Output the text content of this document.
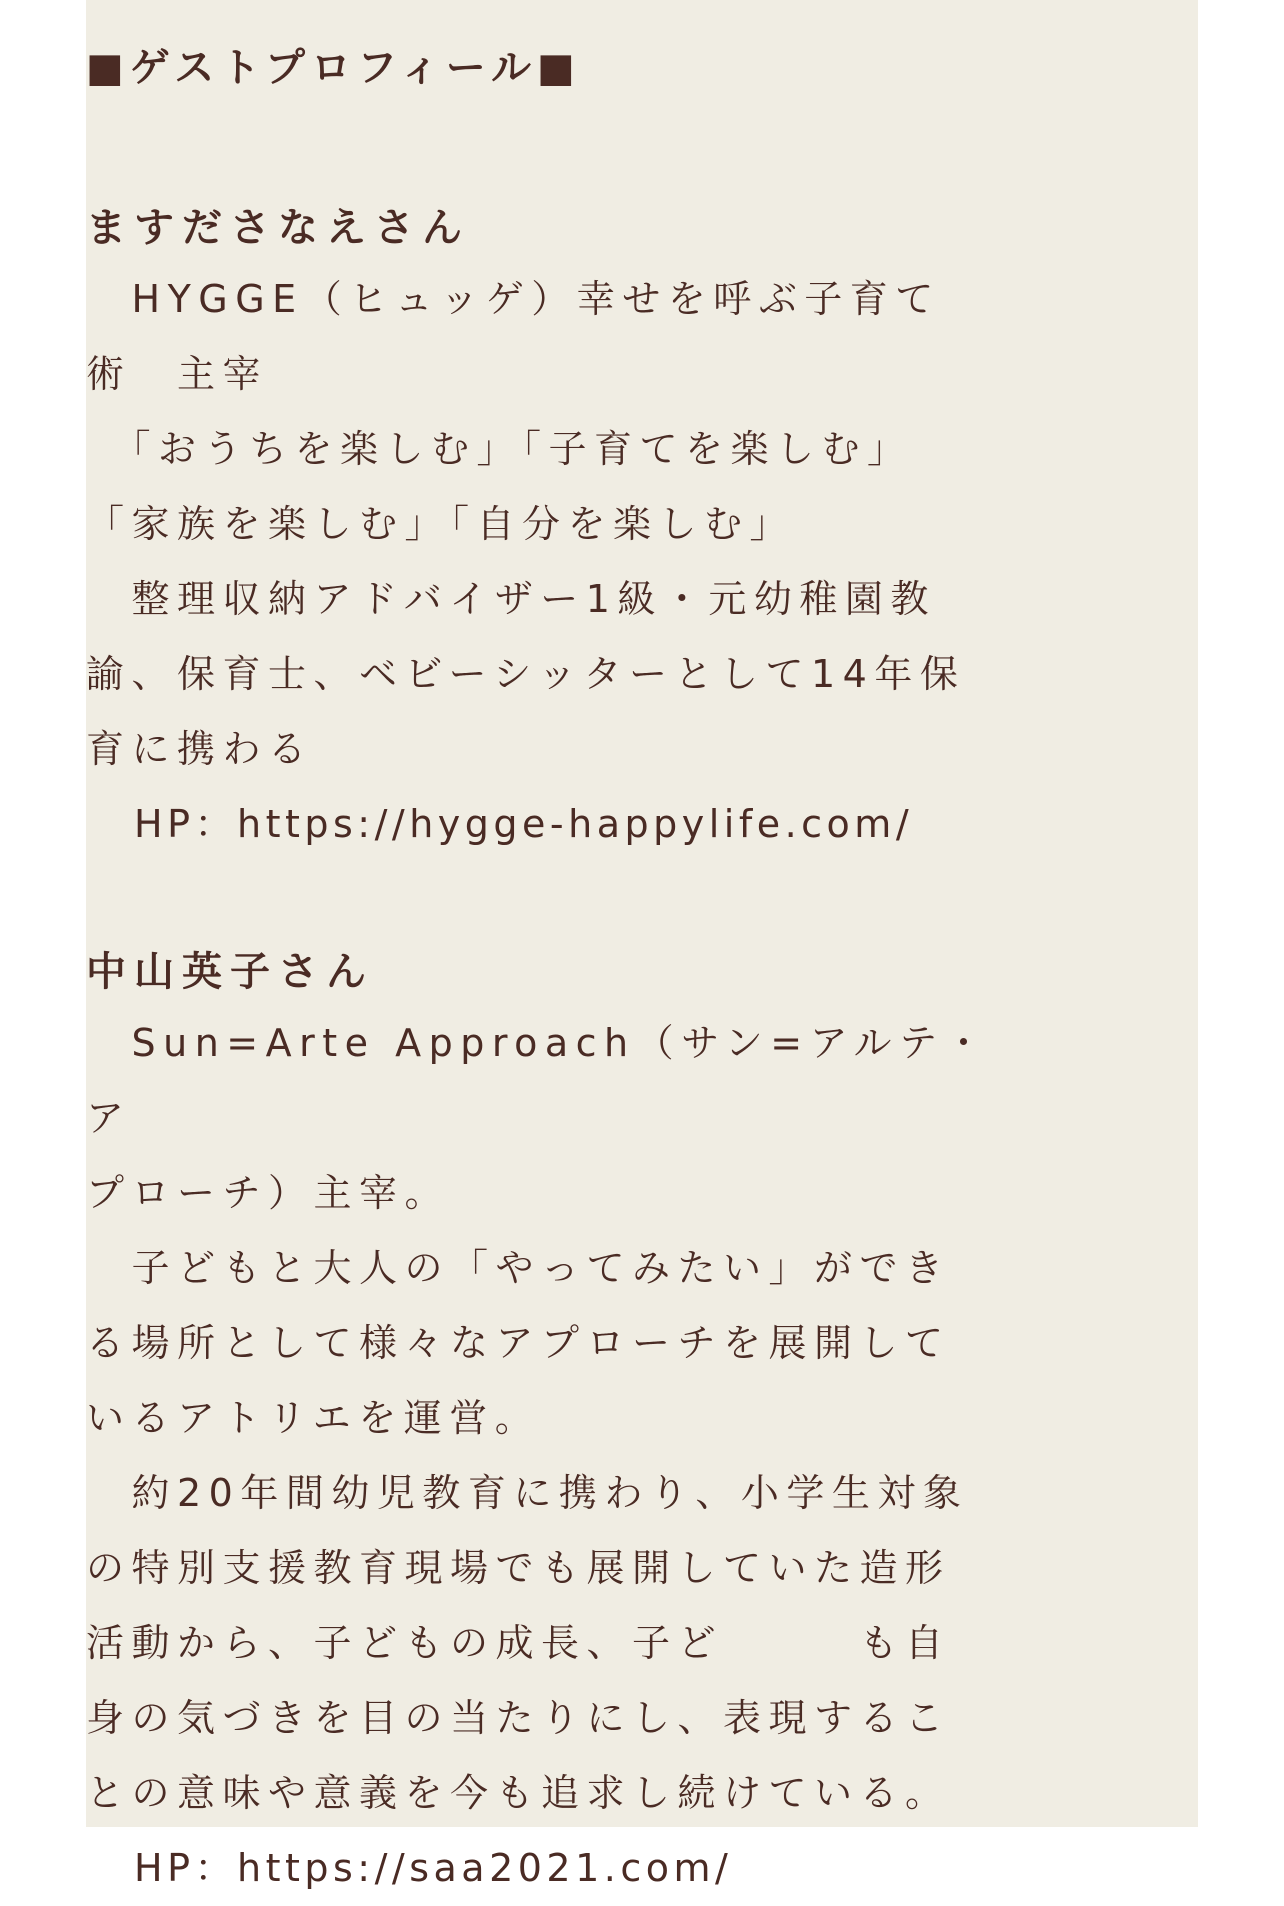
■ゲストプロフィール■
ますださなえさん
　HYGGE（ヒュッゲ）幸せを呼ぶ子育て
術　主宰
　「おうちを楽しむ」「子育てを楽しむ」
「家族を楽しむ」「自分を楽しむ」
　整理収納アドバイザー1級・元幼稚園教
諭、保育士、ベビーシッターとして14年保
育に携わる
HP：https://hygge-happylife.com/
中山英子さん
　Sun=Arte Approach（サン=アルテ・ア
プローチ）主宰。
　子どもと大人の「やってみたい」ができ
る場所として様々なアプローチを展開して
いるアトリエを運営。
　約20年間幼児教育に携わり、小学生対象
の特別支援教育現場でも展開していた造形
活動から、子どもの成長、子ど　　　も自
身の気づきを目の当たりにし、表現するこ
との意味や意義を今も追求し続けている。
HP：https://saa2021.com/
